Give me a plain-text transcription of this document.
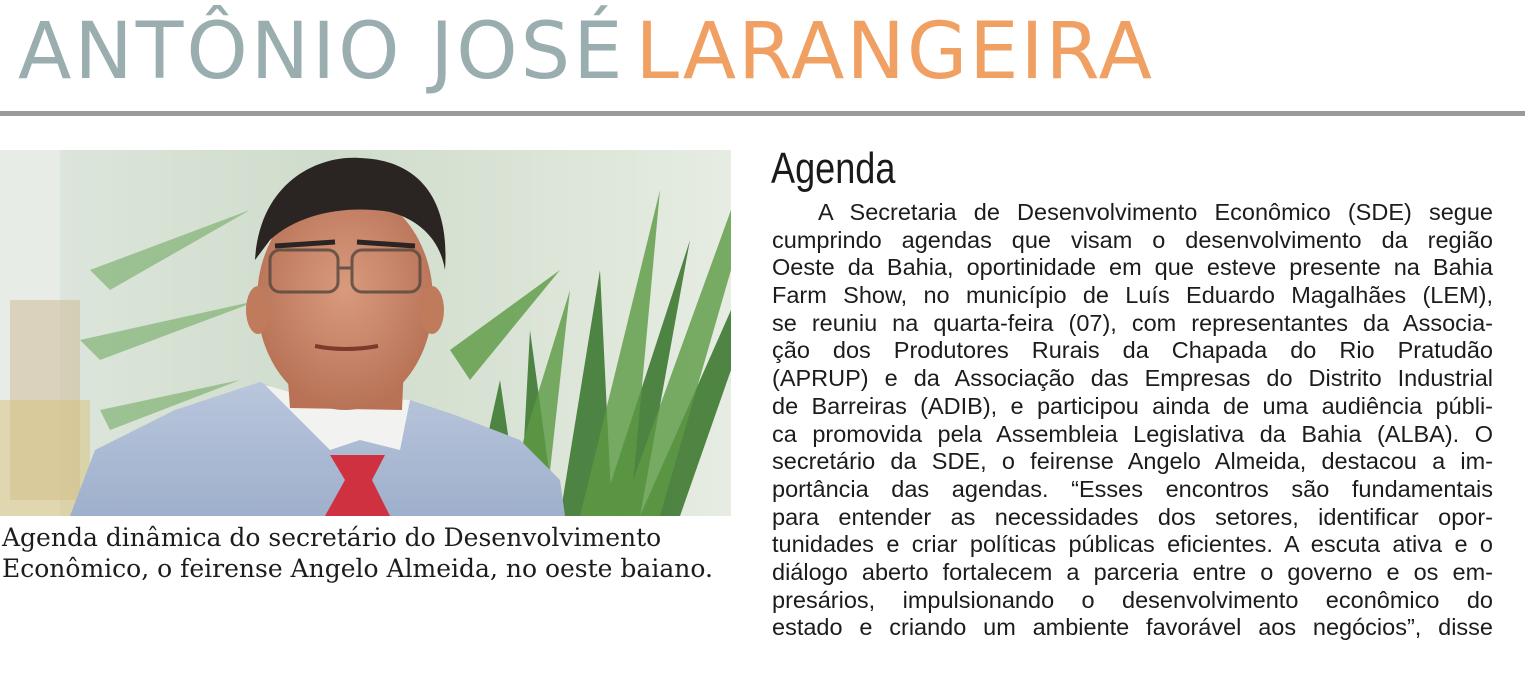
ANTÔNIO JOSÉ LARANGEIRA
Agenda dinâmica do secretário do Desenvolvimento Econômico, o feirense Angelo Almeida, no oeste baiano.
Agenda
A Secretaria de Desenvolvimento Econômico (SDE) segue
cumprindo agendas que visam o desenvolvimento da região
Oeste da Bahia, oportinidade em que esteve presente na Bahia
Farm Show, no município de Luís Eduardo Magalhães (LEM),
se reuniu na quarta-feira (07), com representantes da Associa-
ção dos Produtores Rurais da Chapada do Rio Pratudão
(APRUP) e da Associação das Empresas do Distrito Industrial
de Barreiras (ADIB), e participou ainda de uma audiência públi-
ca promovida pela Assembleia Legislativa da Bahia (ALBA). O
secretário da SDE, o feirense Angelo Almeida, destacou a im-
portância das agendas. “Esses encontros são fundamentais
para entender as necessidades dos setores, identificar opor-
tunidades e criar políticas públicas eficientes. A escuta ativa e o
diálogo aberto fortalecem a parceria entre o governo e os em-
presários, impulsionando o desenvolvimento econômico do
estado e criando um ambiente favorável aos negócios”, disse
